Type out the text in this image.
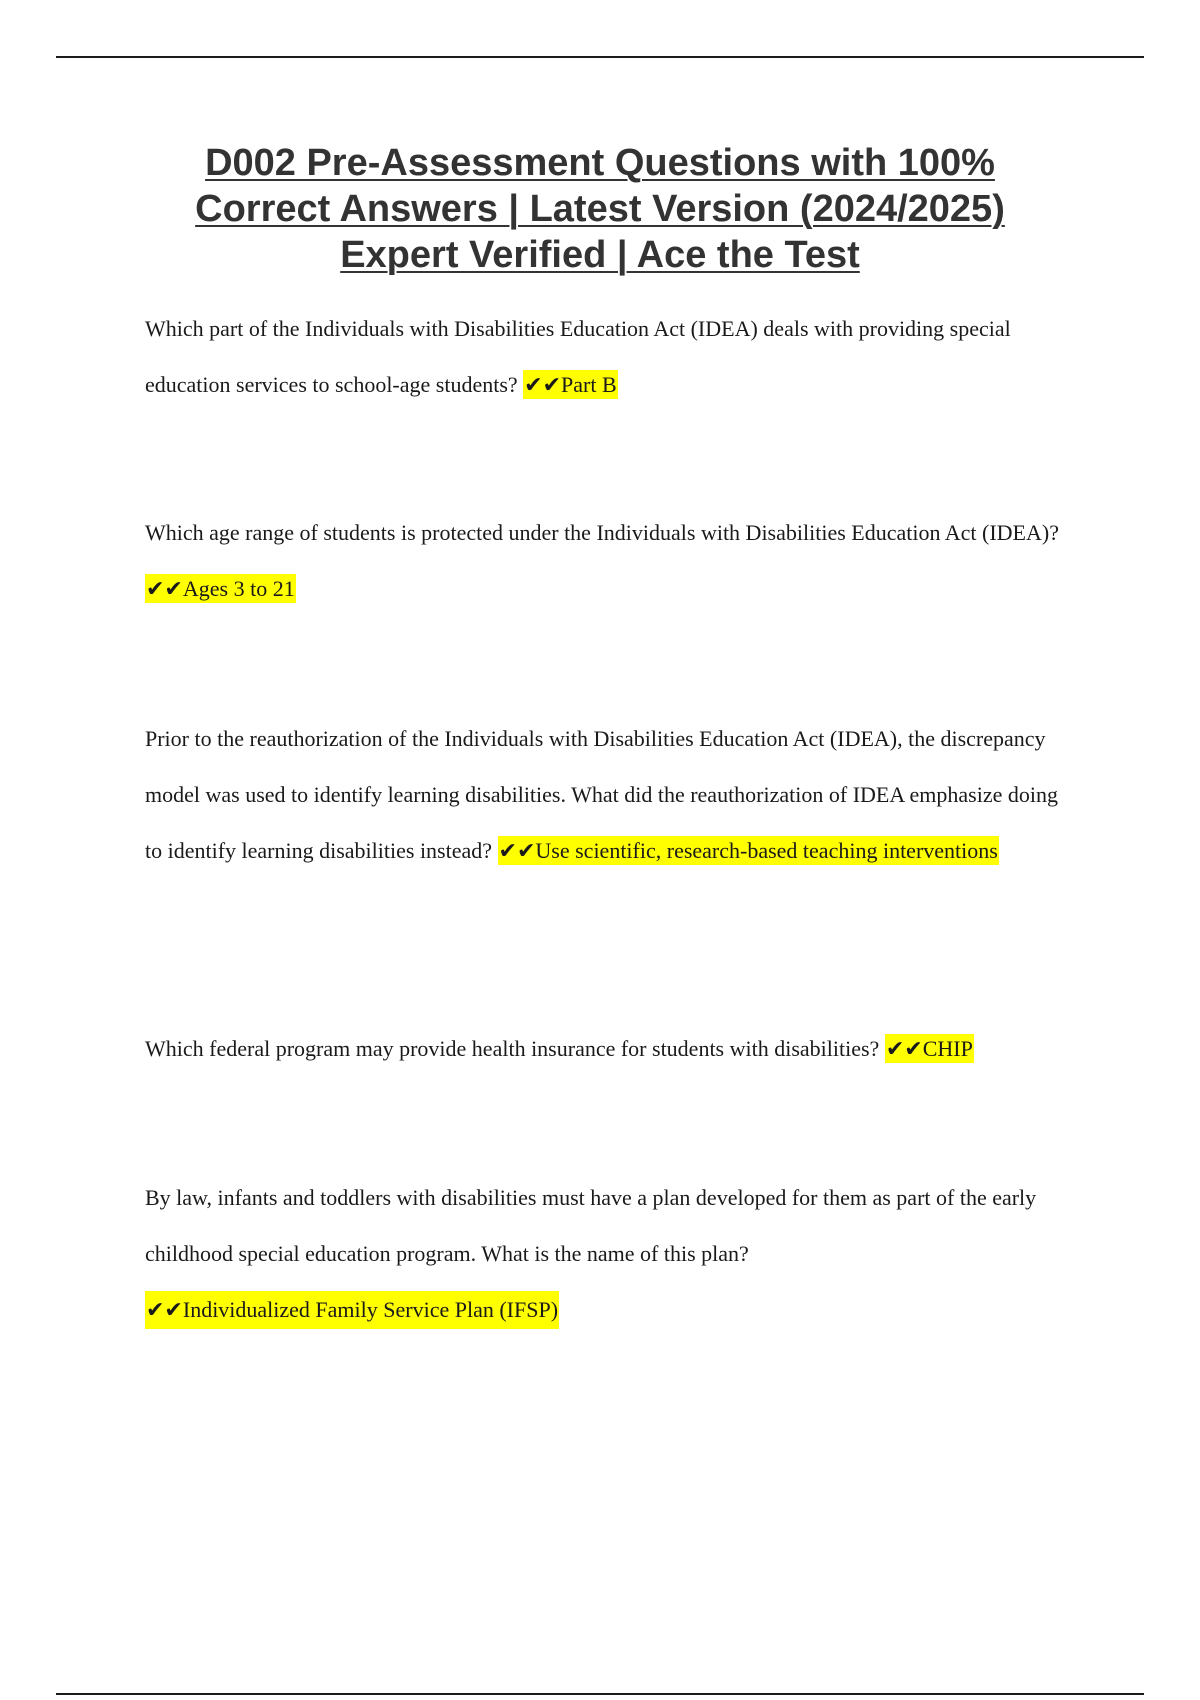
D002 Pre-Assessment Questions with 100%
Correct Answers | Latest Version (2024/2025)
Expert Verified | Ace the Test

Which part of the Individuals with Disabilities Education Act (IDEA) deals with providing special education services to school-age students? ✔✔Part B

Which age range of students is protected under the Individuals with Disabilities Education Act (IDEA)? ✔✔Ages 3 to 21

Prior to the reauthorization of the Individuals with Disabilities Education Act (IDEA), the discrepancy model was used to identify learning disabilities. What did the reauthorization of IDEA emphasize doing to identify learning disabilities instead? ✔✔Use scientific, research-based teaching interventions

Which federal program may provide health insurance for students with disabilities? ✔✔CHIP

By law, infants and toddlers with disabilities must have a plan developed for them as part of the early childhood special education program. What is the name of this plan? ✔✔Individualized Family Service Plan (IFSP)
